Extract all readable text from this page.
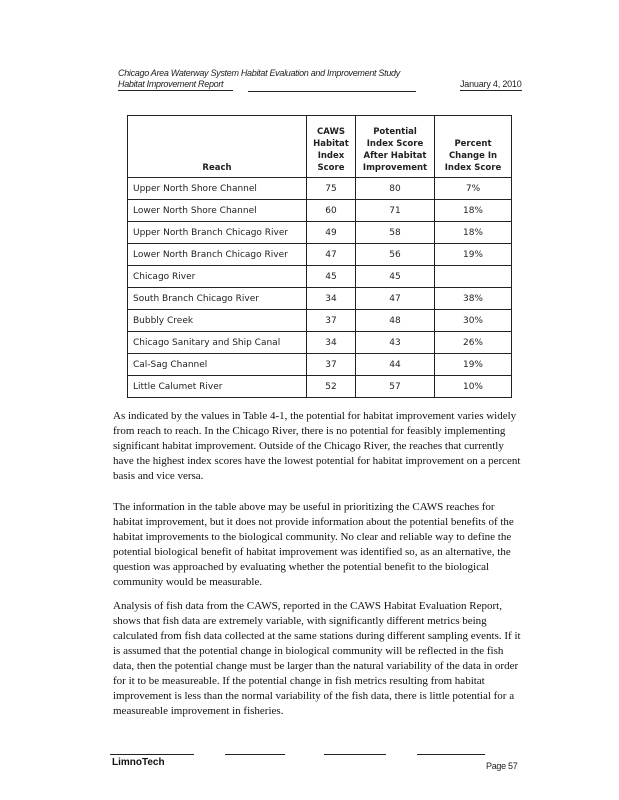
Chicago Area Waterway System Habitat Evaluation and Improvement Study
Habitat Improvement Report	January 4, 2010
Reach	CAWS Habitat Index Score	Potential Index Score After Habitat Improvement	Percent Change In Index Score
Upper North Shore Channel	75	80	7%
Lower North Shore Channel	60	71	18%
Upper North Branch Chicago River	49	58	18%
Lower North Branch Chicago River	47	56	19%
Chicago River	45	45	
South Branch Chicago River	34	47	38%
Bubbly Creek	37	48	30%
Chicago Sanitary and Ship Canal	34	43	26%
Cal-Sag Channel	37	44	19%
Little Calumet River	52	57	10%

As indicated by the values in Table 4-1, the potential for habitat improvement varies widely from reach to reach. In the Chicago River, there is no potential for feasibly implementing significant habitat improvement. Outside of the Chicago River, the reaches that currently have the highest index scores have the lowest potential for habitat improvement on a percent basis and vice versa.

The information in the table above may be useful in prioritizing the CAWS reaches for habitat improvement, but it does not provide information about the potential benefits of the habitat improvements to the biological community. No clear and reliable way to define the potential biological benefit of habitat improvement was identified so, as an alternative, the question was approached by evaluating whether the potential benefit to the biological community would be measurable.

Analysis of fish data from the CAWS, reported in the CAWS Habitat Evaluation Report, shows that fish data are extremely variable, with significantly different metrics being calculated from fish data collected at the same stations during different sampling events. If it is assumed that the potential change in biological community will be reflected in the fish data, then the potential change must be larger than the natural variability of the data in order for it to be measureable. If the potential change in fish metrics resulting from habitat improvement is less than the normal variability of the fish data, there is little potential for a measureable improvement in fisheries.

LimnoTech	Page 57
